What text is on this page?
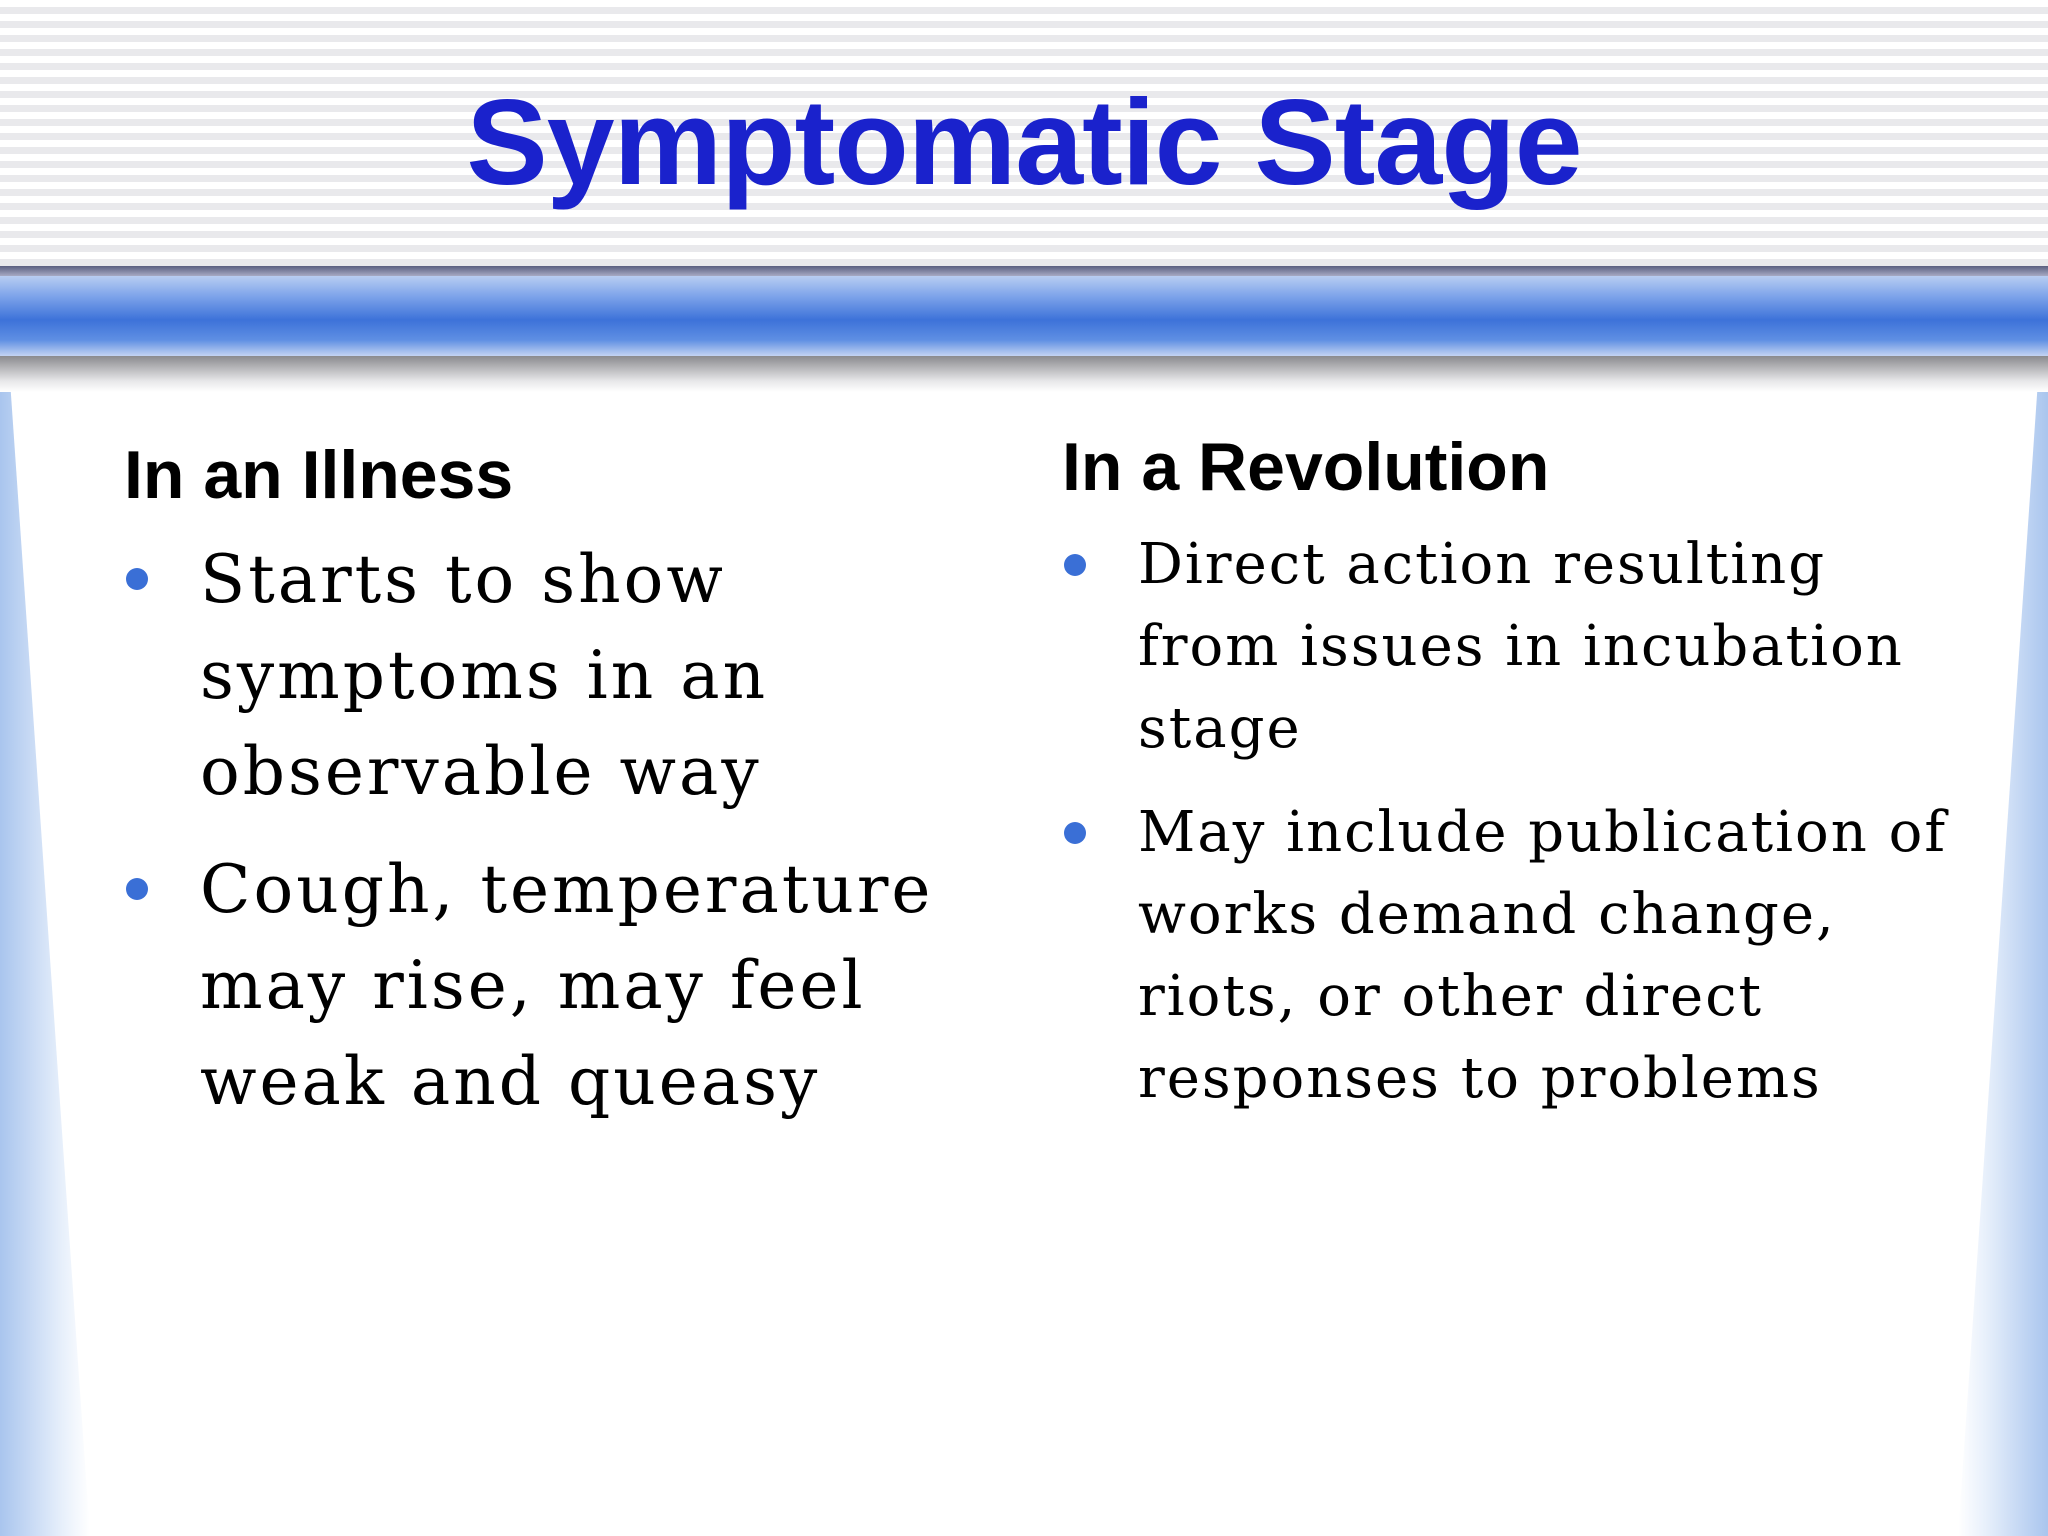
Symptomatic Stage
In an Illness
Starts to show symptoms in an observable way
Cough, temperature may rise, may feel weak and queasy
In a Revolution
Direct action resulting from issues in incubation stage
May include publication of works demand change, riots, or other direct responses to problems
